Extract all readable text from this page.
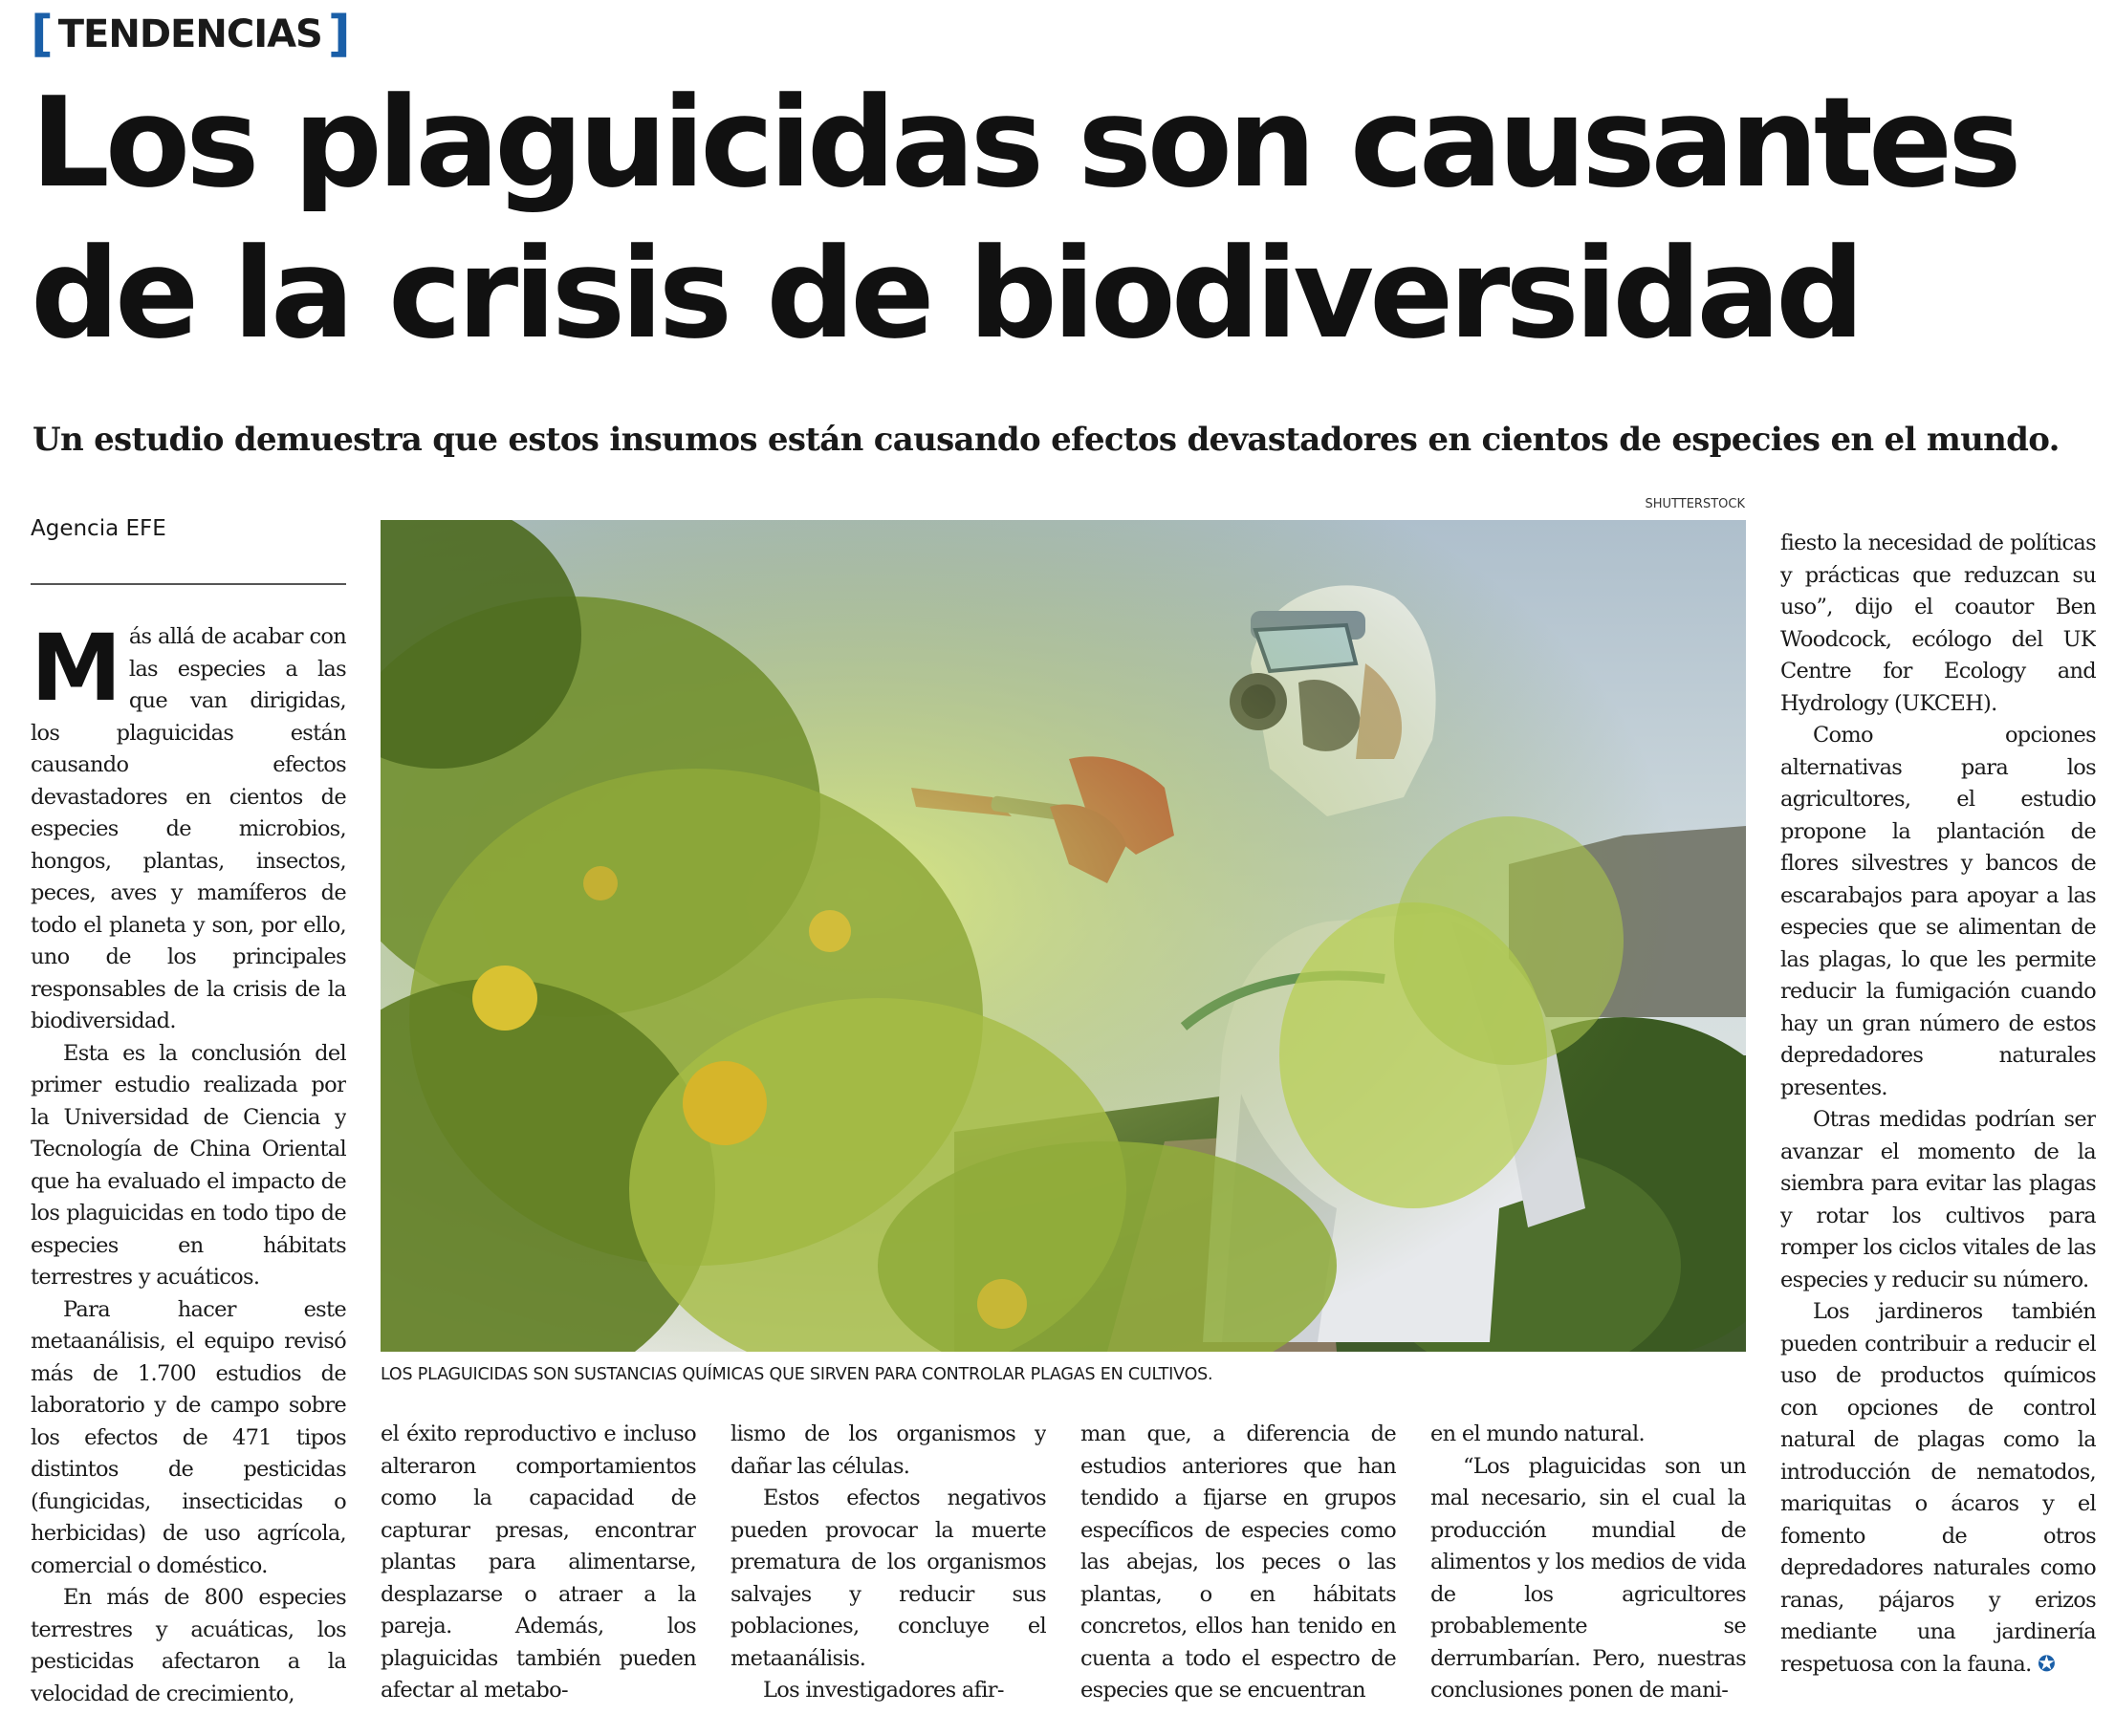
[ TENDENCIAS ]
Los plaguicidas son causantes
de la crisis de biodiversidad
Un estudio demuestra que estos insumos están causando efectos devastadores en cientos de especies en el mundo.
Agencia EFE
SHUTTERSTOCK
LOS PLAGUICIDAS SON SUSTANCIAS QUÍMICAS QUE SIRVEN PARA CONTROLAR PLAGAS EN CULTIVOS.

Más allá de acabar con las especies a las que van dirigidas, los plaguicidas están causando efectos devastadores en cientos de especies de microbios, hongos, plantas, insectos, peces, aves y mamíferos de todo el planeta y son, por ello, uno de los principales responsables de la crisis de la biodiversidad.

Esta es la conclusión del primer estudio realizada por la Universidad de Ciencia y Tecnología de China Oriental que ha evaluado el impacto de los plaguicidas en todo tipo de especies en hábitats terrestres y acuáticos.

Para hacer este metaanálisis, el equipo revisó más de 1.700 estudios de laboratorio y de campo sobre los efectos de 471 tipos distintos de pesticidas (fungicidas, insecticidas o herbicidas) de uso agrícola, comercial o doméstico.

En más de 800 especies terrestres y acuáticas, los pesticidas afectaron a la velocidad de crecimiento,

el éxito reproductivo e incluso alteraron comportamientos como la capacidad de capturar presas, encontrar plantas para alimentarse, desplazarse o atraer a la pareja. Además, los plaguicidas también pueden afectar al metabo-

lismo de los organismos y dañar las células.

Estos efectos negativos pueden provocar la muerte prematura de los organismos salvajes y reducir sus poblaciones, concluye el metaanálisis.

Los investigadores afir-

man que, a diferencia de estudios anteriores que han tendido a fijarse en grupos específicos de especies como las abejas, los peces o las plantas, o en hábitats concretos, ellos han tenido en cuenta a todo el espectro de especies que se encuentran

en el mundo natural.

“Los plaguicidas son un mal necesario, sin el cual la producción mundial de alimentos y los medios de vida de los agricultores probablemente se derrumbarían. Pero, nuestras conclusiones ponen de mani-

fiesto la necesidad de políticas y prácticas que reduzcan su uso”, dijo el coautor Ben Woodcock, ecólogo del UK Centre for Ecology and Hydrology (UKCEH).

Como opciones alternativas para los agricultores, el estudio propone la plantación de flores silvestres y bancos de escarabajos para apoyar a las especies que se alimentan de las plagas, lo que les permite reducir la fumigación cuando hay un gran número de estos depredadores naturales presentes.

Otras medidas podrían ser avanzar el momento de la siembra para evitar las plagas y rotar los cultivos para romper los ciclos vitales de las especies y reducir su número.

Los jardineros también pueden contribuir a reducir el uso de productos químicos con opciones de control natural de plagas como la introducción de nematodos, mariquitas o ácaros y el fomento de otros depredadores naturales como ranas, pájaros y erizos mediante una jardinería respetuosa con la fauna. ✪
